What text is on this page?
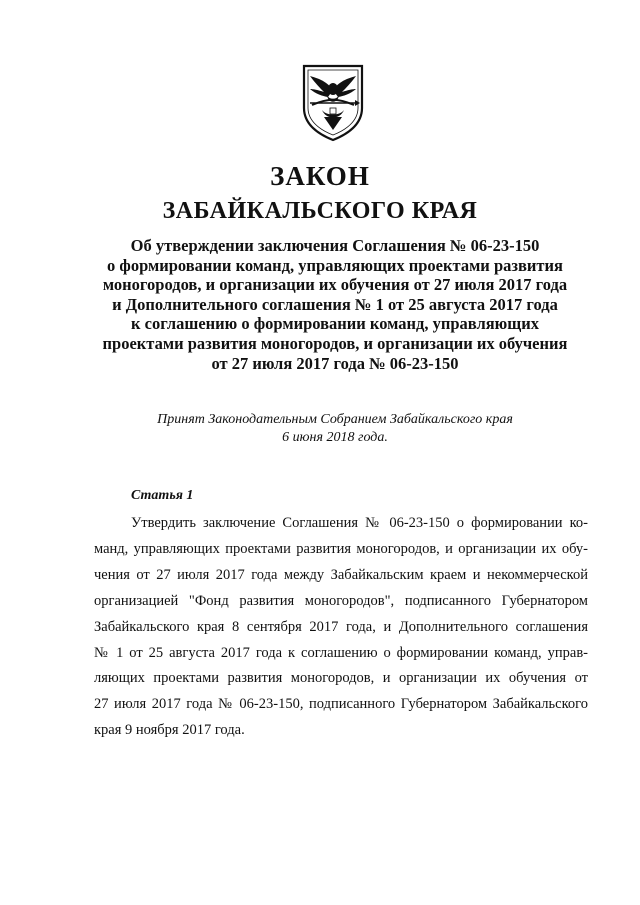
ЗАКОН
ЗАБАЙКАЛЬСКОГО КРАЯ
Об утверждении заключения Соглашения № 06-23-150
о формировании команд, управляющих проектами развития
моногородов, и организации их обучения от 27 июля 2017 года
и Дополнительного соглашения № 1 от 25 августа 2017 года
к соглашению о формировании команд, управляющих
проектами развития моногородов, и организации их обучения
от 27 июля 2017 года № 06-23-150
Принят Законодательным Собранием Забайкальского края
6 июня 2018 года.
Статья 1
Утвердить заключение Соглашения № 06-23-150 о формировании ко-
манд, управляющих проектами развития моногородов, и организации их обу-
чения от 27 июля 2017 года между Забайкальским краем и некоммерческой
организацией "Фонд развития моногородов", подписанного Губернатором
Забайкальского края 8 сентября 2017 года, и Дополнительного соглашения
№ 1 от 25 августа 2017 года к соглашению о формировании команд, управ-
ляющих проектами развития моногородов, и организации их обучения от
27 июля 2017 года № 06-23-150, подписанного Губернатором Забайкальского
края 9 ноября 2017 года.
